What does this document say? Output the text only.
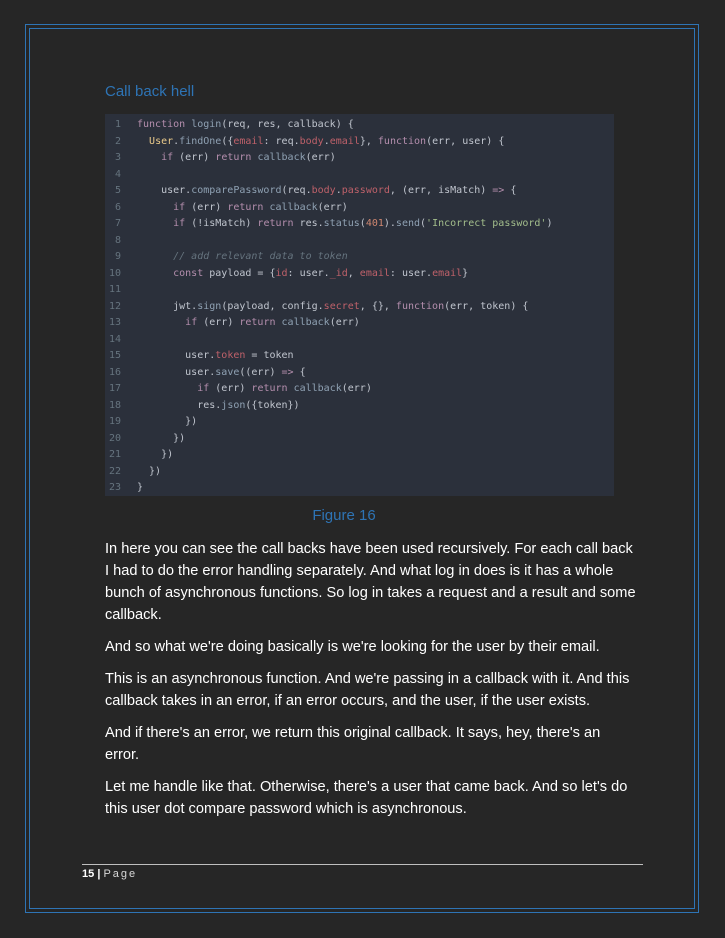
Call back hell
1 function login(req, res, callback) {
2	User.findOne({email: req.body.email}, function(err, user) {
3	if (err) return callback(err)
4
5    user.comparePassword(req.body.password, (err, isMatch) => {
6	if (err) return callback(err)
7	if (!isMatch) return res.status(401).send('Incorrect password')
8
9	// add relevant data to token
10	const payload = {id: user._id, email: user.email}
11
12      jwt.sign(payload, config.secret, {}, function(err, token) {
13	if (err) return callback(err)
14
15        user.token = token
16        user.save((err) => {
17	if (err) return callback(err)
18          res.json({token})
19        })
20      })
21    })
22  })
23 }
Figure 16

In here you can see the call backs have been used recursively. For each call back I had to do the error handling separately. And what log in does is it has a whole bunch of asynchronous functions. So log in takes a request and a result and some callback.

And so what we're doing basically is we're looking for the user by their email.

This is an asynchronous function. And we're passing in a callback with it. And this callback takes in an error, if an error occurs, and the user, if the user exists.

And if there's an error, we return this original callback. It says, hey, there's an error.

Let me handle like that. Otherwise, there's a user that came back. And so let's do this user dot compare password which is asynchronous.

15 | Page
